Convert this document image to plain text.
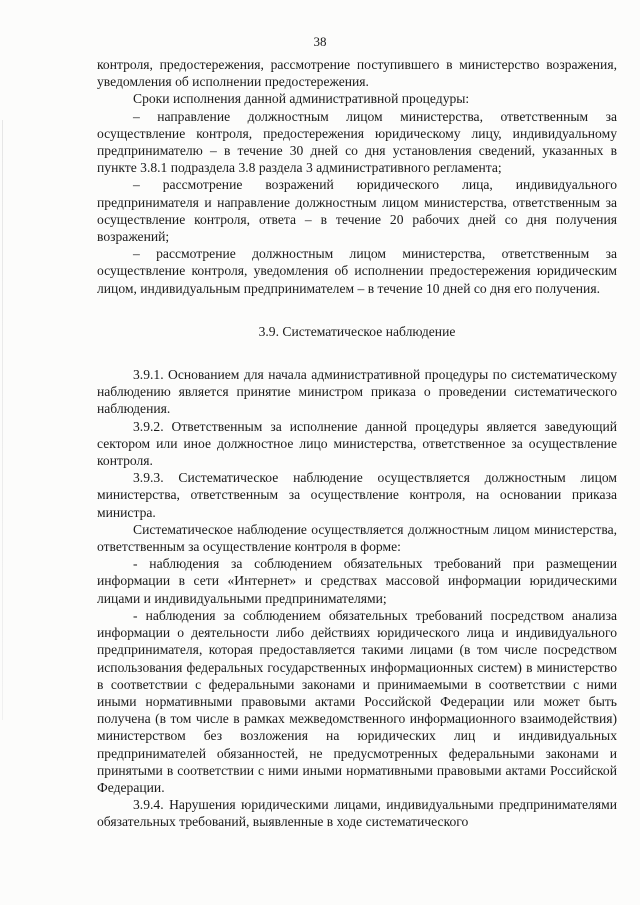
38

контроля, предостережения, рассмотрение поступившего в министерство возражения, уведомления об исполнении предостережения.

Сроки исполнения данной административной процедуры:

– направление должностным лицом министерства, ответственным за осуществление контроля, предостережения юридическому лицу, индивидуальному предпринимателю – в течение 30 дней со дня установления сведений, указанных в пункте 3.8.1 подраздела 3.8 раздела 3 административного регламента;

– рассмотрение возражений юридического лица, индивидуального предпринимателя и направление должностным лицом министерства, ответственным за осуществление контроля, ответа – в течение 20 рабочих дней со дня получения возражений;

– рассмотрение должностным лицом министерства, ответственным за осуществление контроля, уведомления об исполнении предостережения юридическим лицом, индивидуальным предпринимателем – в течение 10 дней со дня его получения.

3.9. Систематическое наблюдение

3.9.1. Основанием для начала административной процедуры по систематическому наблюдению является принятие министром приказа о проведении систематического наблюдения.

3.9.2. Ответственным за исполнение данной процедуры является заведующий сектором или иное должностное лицо министерства, ответственное за осуществление контроля.

3.9.3. Систематическое наблюдение осуществляется должностным лицом министерства, ответственным за осуществление контроля, на основании приказа министра.

Систематическое наблюдение осуществляется должностным лицом министерства, ответственным за осуществление контроля в форме:

- наблюдения за соблюдением обязательных требований при размещении информации в сети «Интернет» и средствах массовой информации юридическими лицами и индивидуальными предпринимателями;

- наблюдения за соблюдением обязательных требований посредством анализа информации о деятельности либо действиях юридического лица и индивидуального предпринимателя, которая предоставляется такими лицами (в том числе посредством использования федеральных государственных информационных систем) в министерство в соответствии с федеральными законами и принимаемыми в соответствии с ними иными нормативными правовыми актами Российской Федерации или может быть получена (в том числе в рамках межведомственного информационного взаимодействия) министерством без возложения на юридических лиц и индивидуальных предпринимателей обязанностей, не предусмотренных федеральными законами и принятыми в соответствии с ними иными нормативными правовыми актами Российской Федерации.

3.9.4. Нарушения юридическими лицами, индивидуальными предпринимателями обязательных требований, выявленные в ходе систематического
